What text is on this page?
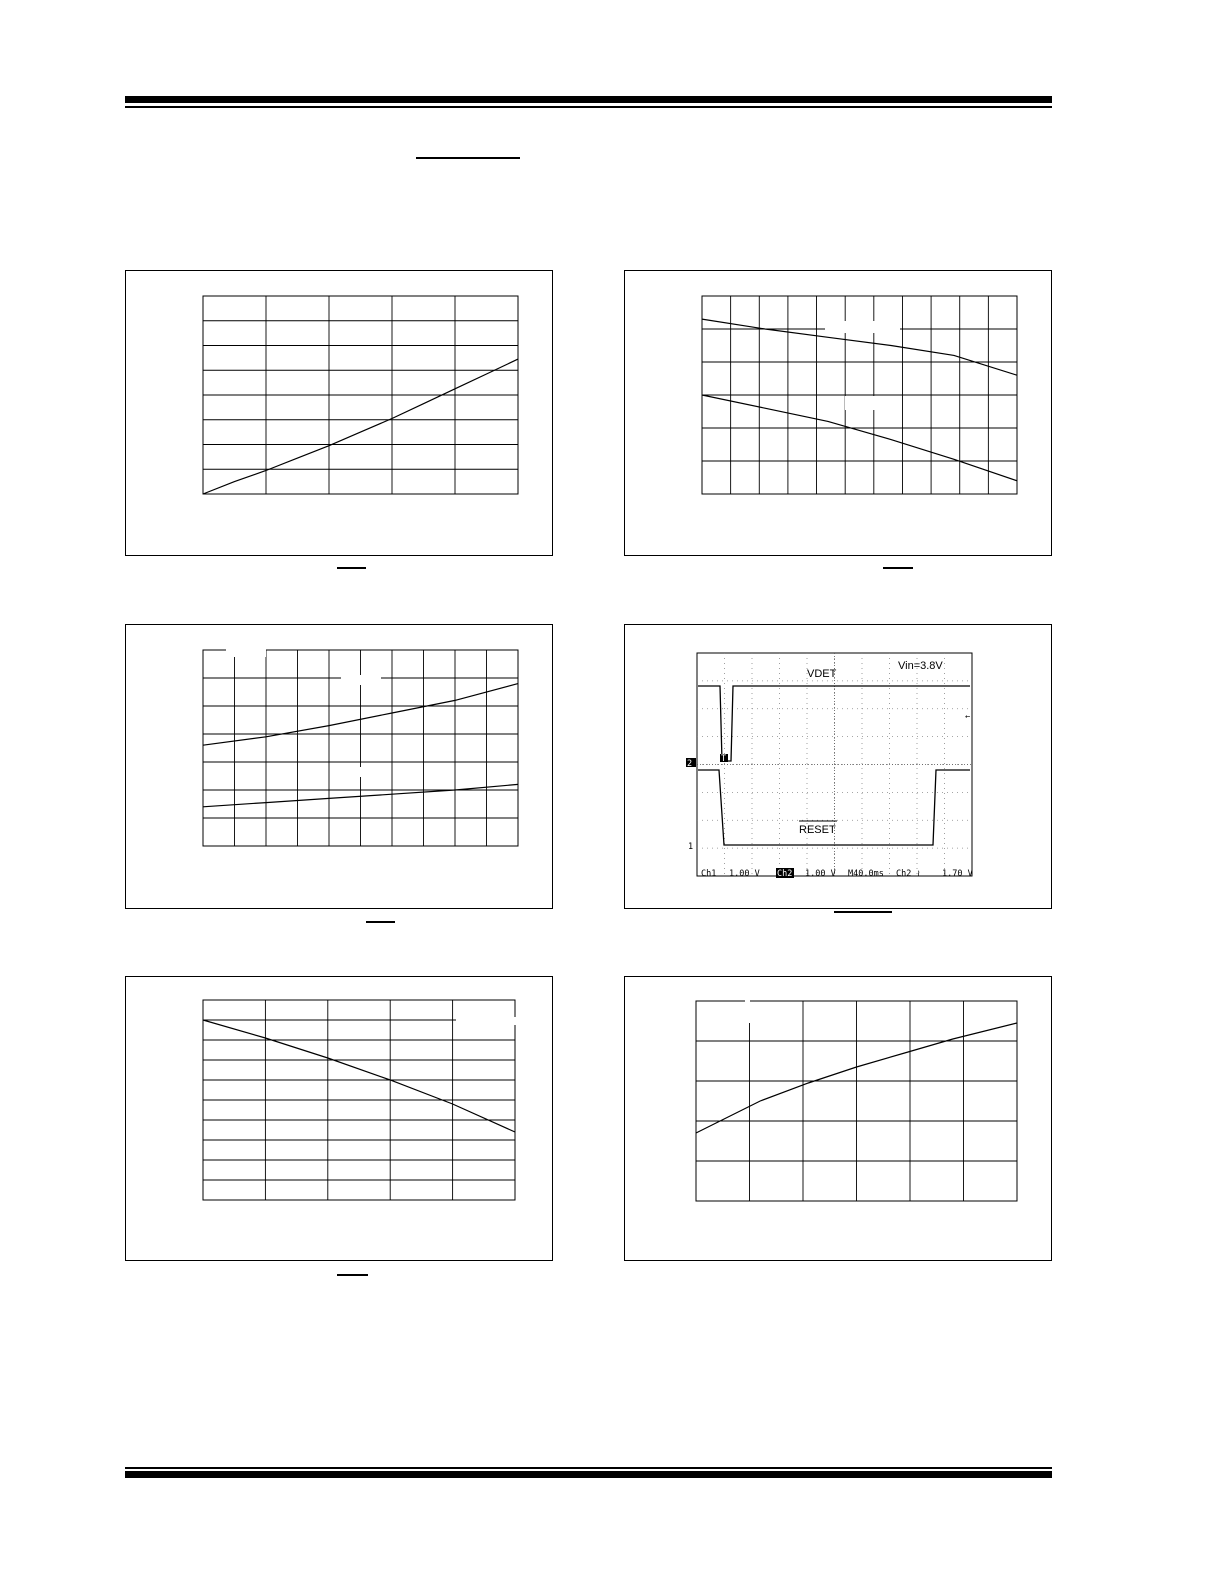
2
1
T
←
VDET
Vin=3.8V
RESET
Ch1 1.00 V Ch2 1.00 V M40.0ms Ch2 ≀	1.70 V
